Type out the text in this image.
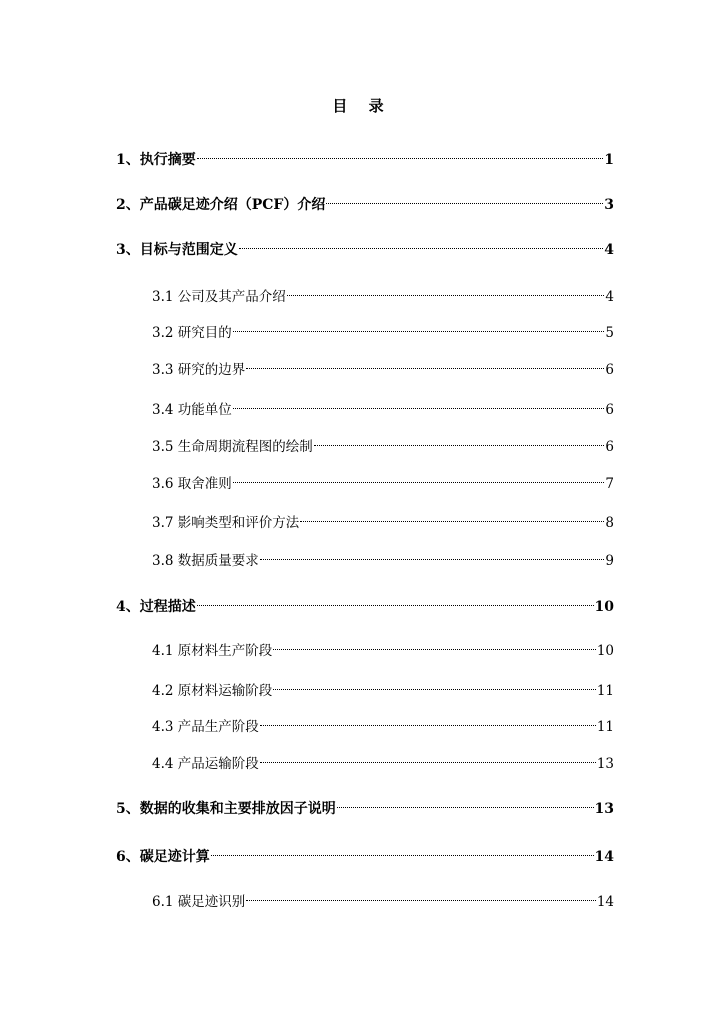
目 录
1、执行摘要	1
2、产品碳足迹介绍（PCF）介绍	3
3、目标与范围定义	4
3.1 公司及其产品介绍	4
3.2 研究目的	5
3.3 研究的边界	6
3.4 功能单位	6
3.5 生命周期流程图的绘制	6
3.6 取舍准则	7
3.7 影响类型和评价方法	8
3.8 数据质量要求	9
4、过程描述	10
4.1 原材料生产阶段	10
4.2 原材料运输阶段	11
4.3 产品生产阶段	11
4.4 产品运输阶段	13
5、数据的收集和主要排放因子说明	13
6、碳足迹计算	14
6.1 碳足迹识别	14
